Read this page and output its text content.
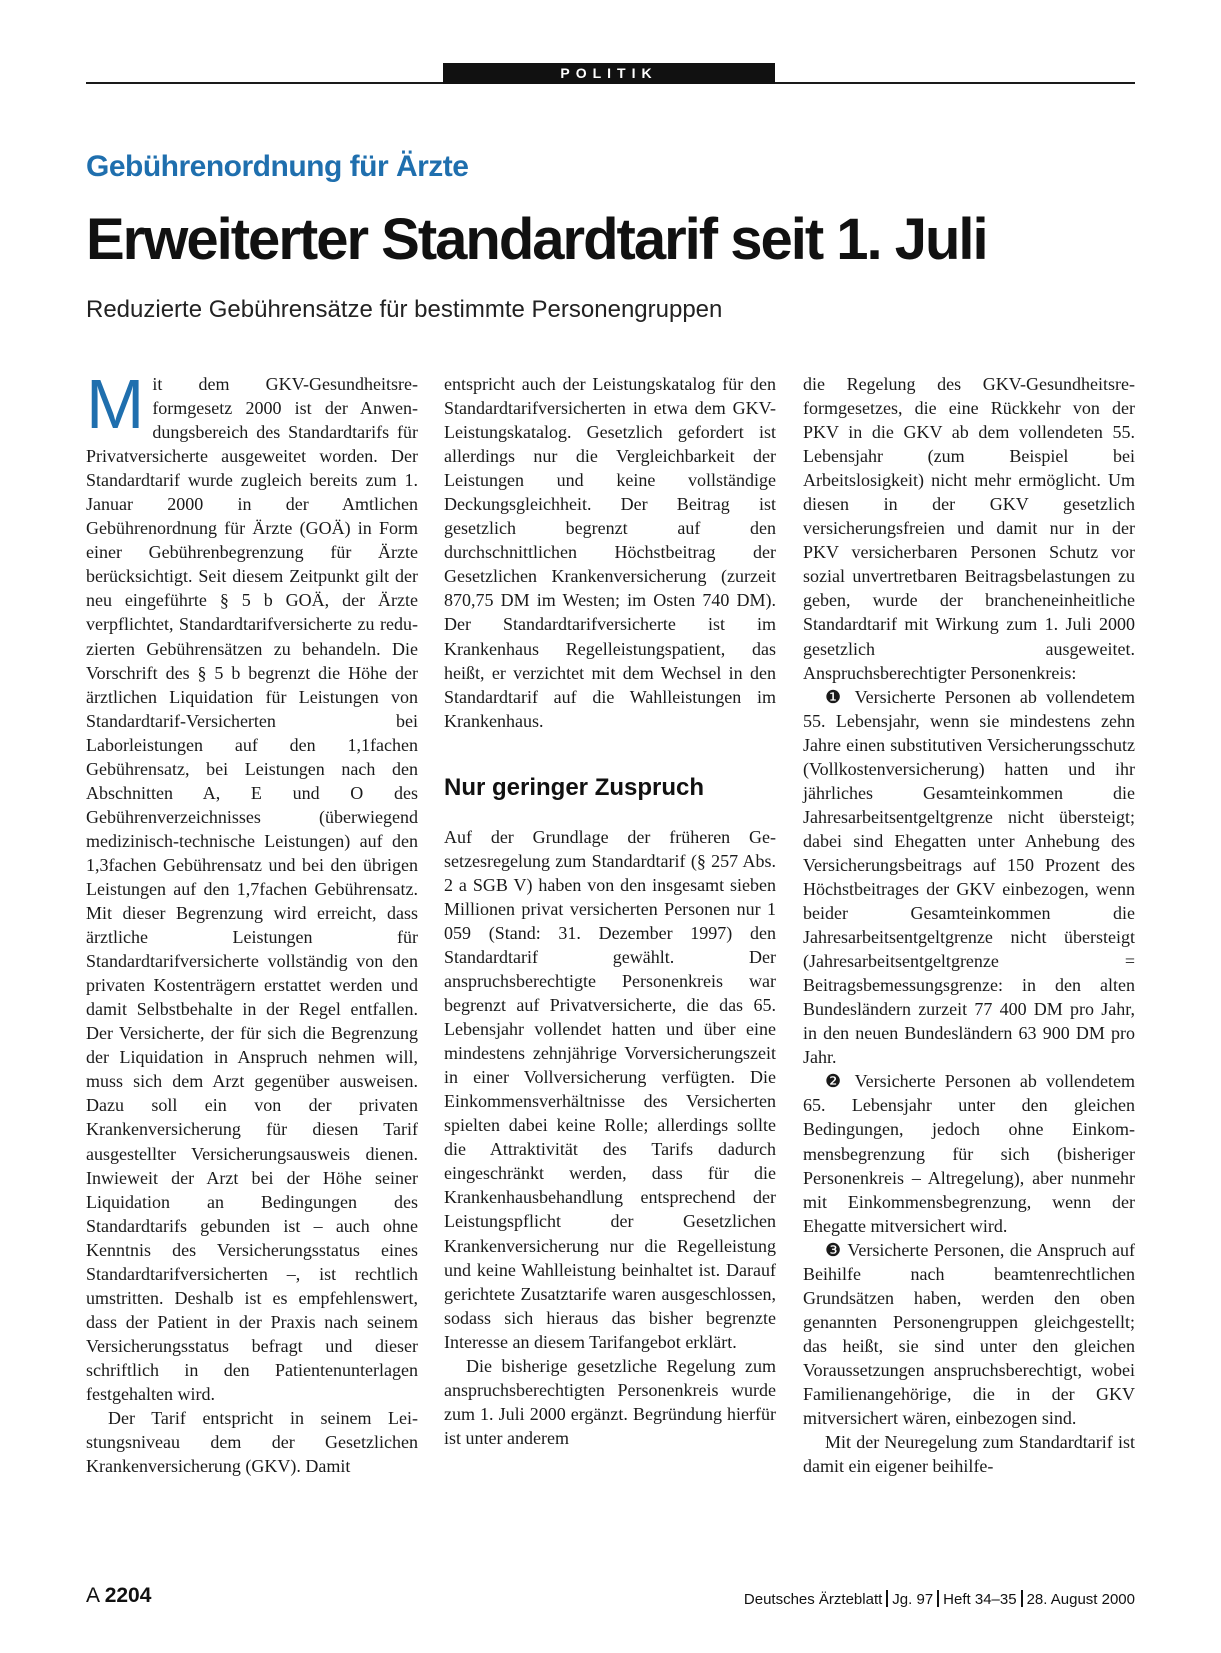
POLITIK
Gebührenordnung für Ärzte
Erweiterter Standardtarif seit 1. Juli
Reduzierte Gebührensätze für bestimmte Personengruppen
M it dem GKV-Gesundheitsreformgesetz 2000 ist der Anwendungsbereich des Standardtarifs für Privatversicherte ausgeweitet worden. Der Standardtarif wurde zugleich bereits zum 1. Januar 2000 in der Amtlichen Gebührenordnung für Ärzte (GOÄ) in Form einer Gebührenbegrenzung für Ärzte berücksichtigt. Seit diesem Zeitpunkt gilt der neu eingeführte § 5 b GOÄ, der Ärzte verpflichtet, Standardtarifversicherte zu reduzierten Gebührensätzen zu behandeln. Die Vorschrift des § 5 b begrenzt die Höhe der ärztlichen Liquidation für Leistungen von Standardtarif-Versicherten bei Laborleistungen auf den 1,1fachen Gebührensatz, bei Leistungen nach den Abschnitten A, E und O des Gebührenverzeichnisses (überwiegend medizinisch-technische Leistungen) auf den 1,3fachen Gebührensatz und bei den übrigen Leistungen auf den 1,7fachen Gebührensatz. Mit dieser Begrenzung wird erreicht, dass ärztliche Leistungen für Standardtarifversicherte vollständig von den privaten Kostenträgern erstattet werden und damit Selbstbehalte in der Regel entfallen. Der Versicherte, der für sich die Begrenzung der Liquidation in Anspruch nehmen will, muss sich dem Arzt gegenüber ausweisen. Dazu soll ein von der privaten Krankenversicherung für diesen Tarif ausgestellter Versicherungsausweis dienen. Inwieweit der Arzt bei der Höhe seiner Liquidation an Bedingungen des Standardtarifs gebunden ist – auch ohne Kenntnis des Versicherungsstatus eines Standardtarifversicherten –, ist rechtlich umstritten. Deshalb ist es empfehlenswert, dass der Patient in der Praxis nach seinem Versicherungsstatus befragt und dieser schriftlich in den Patientenunterlagen festgehalten wird.

Der Tarif entspricht in seinem Leistungsniveau dem der Gesetzlichen Krankenversicherung (GKV). Damit

entspricht auch der Leistungskatalog für den Standardtarifversicherten in etwa dem GKV-Leistungskatalog. Gesetzlich gefordert ist allerdings nur die Vergleichbarkeit der Leistungen und keine vollständige Deckungsgleichheit. Der Beitrag ist gesetzlich begrenzt auf den durchschnittlichen Höchstbeitrag der Gesetzlichen Krankenversicherung (zurzeit 870,75 DM im Westen; im Osten 740 DM). Der Standardtarifversicherte ist im Krankenhaus Regelleistungspatient, das heißt, er verzichtet mit dem Wechsel in den Standardtarif auf die Wahlleistungen im Krankenhaus.

Nur geringer Zuspruch

Auf der Grundlage der früheren Gesetzesregelung zum Standardtarif (§ 257 Abs. 2 a SGB V) haben von den insgesamt sieben Millionen privat versicherten Personen nur 1 059 (Stand: 31. Dezember 1997) den Standardtarif gewählt. Der anspruchsberechtigte Personenkreis war begrenzt auf Privatversicherte, die das 65. Lebensjahr vollendet hatten und über eine mindestens zehnjährige Vorversicherungszeit in einer Vollversicherung verfügten. Die Einkommensverhältnisse des Versicherten spielten dabei keine Rolle; allerdings sollte die Attraktivität des Tarifs dadurch eingeschränkt werden, dass für die Krankenhausbehandlung entsprechend der Leistungspflicht der Gesetzlichen Krankenversicherung nur die Regelleistung und keine Wahlleistung beinhaltet ist. Darauf gerichtete Zusatztarife waren ausgeschlossen, sodass sich hieraus das bisher begrenzte Interesse an diesem Tarifangebot erklärt.

Die bisherige gesetzliche Regelung zum anspruchsberechtigten Personenkreis wurde zum 1. Juli 2000 ergänzt. Begründung hierfür ist unter anderem

die Regelung des GKV-Gesundheitsreformgesetzes, die eine Rückkehr von der PKV in die GKV ab dem vollendeten 55. Lebensjahr (zum Beispiel bei Arbeitslosigkeit) nicht mehr ermöglicht. Um diesen in der GKV gesetzlich versicherungsfreien und damit nur in der PKV versicherbaren Personen Schutz vor sozial unvertretbaren Beitragsbelastungen zu geben, wurde der brancheneinheitliche Standardtarif mit Wirkung zum 1. Juli 2000 gesetzlich ausgeweitet. Anspruchsberechtigter Personenkreis:

❶ Versicherte Personen ab vollendetem 55. Lebensjahr, wenn sie mindestens zehn Jahre einen substitutiven Versicherungsschutz (Vollkostenversicherung) hatten und ihr jährliches Gesamteinkommen die Jahresarbeitsentgeltgrenze nicht übersteigt; dabei sind Ehegatten unter Anhebung des Versicherungsbeitrags auf 150 Prozent des Höchstbeitrages der GKV einbezogen, wenn beider Gesamteinkommen die Jahresarbeitsentgeltgrenze nicht übersteigt (Jahresarbeitsentgeltgrenze = Beitragsbemessungsgrenze: in den alten Bundesländern zurzeit 77 400 DM pro Jahr, in den neuen Bundesländern 63 900 DM pro Jahr.

❷ Versicherte Personen ab vollendetem 65. Lebensjahr unter den gleichen Bedingungen, jedoch ohne Einkommensbegrenzung für sich (bisheriger Personenkreis – Altregelung), aber nunmehr mit Einkommensbegrenzung, wenn der Ehegatte mitversichert wird.

❸ Versicherte Personen, die Anspruch auf Beihilfe nach beamtenrechtlichen Grundsätzen haben, werden den oben genannten Personengruppen gleichgestellt; das heißt, sie sind unter den gleichen Voraussetzungen anspruchsberechtigt, wobei Familienangehörige, die in der GKV mitversichert wären, einbezogen sind.

Mit der Neuregelung zum Standardtarif ist damit ein eigener beihilfe-

A 2204	Deutsches Ärzteblatt Jg. 97 Heft 34–35 28. August 2000
